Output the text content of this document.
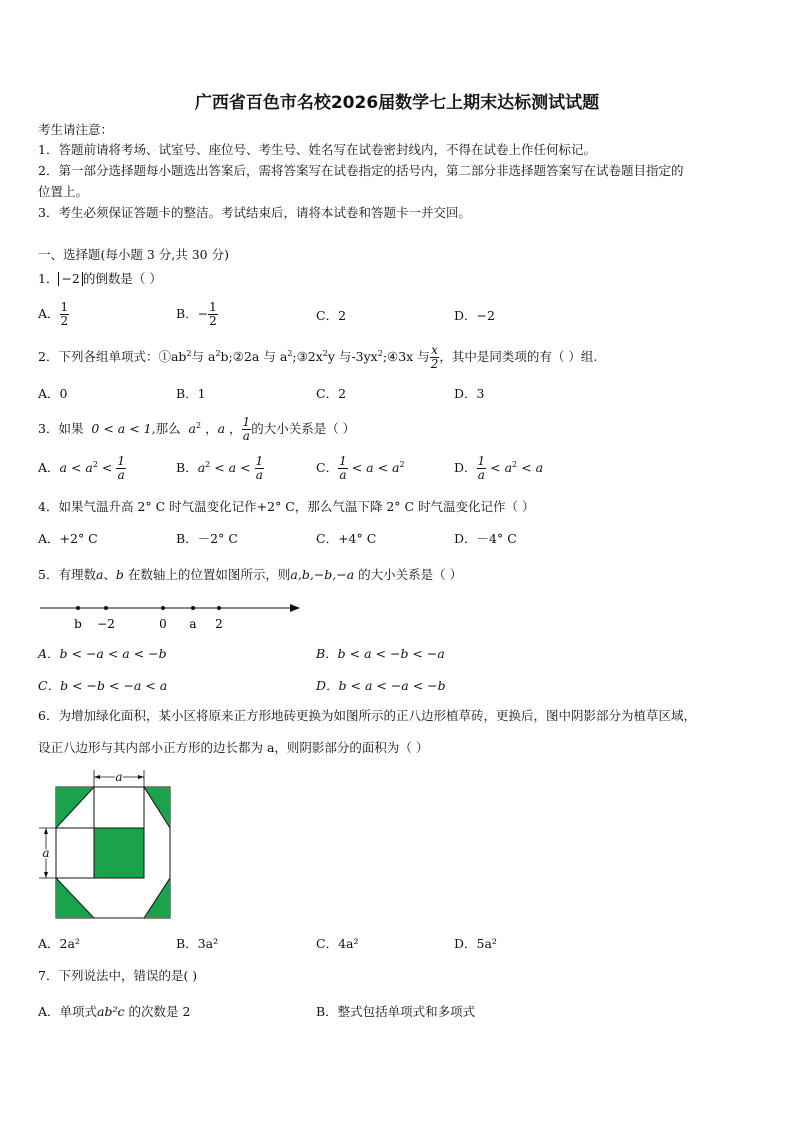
广西省百色市名校2026届数学七上期末达标测试试题
考生请注意：
1．答题前请将考场、试室号、座位号、考生号、姓名写在试卷密封线内，不得在试卷上作任何标记。
2．第一部分选择题每小题选出答案后，需将答案写在试卷指定的括号内，第二部分非选择题答案写在试卷题目指定的
位置上。
3．考生必须保证答题卡的整洁。考试结束后，请将本试卷和答题卡一并交回。
一、选择题(每小题 3 分,共 30 分)
1． −2 的倒数是（ ）
A． $\frac{1}{2}$	B．− $\frac{1}{2}$	C．2	D．−2
2．下列各组单项式：$①ab^2$与 $a^2b;②2a$ 与 $a^2;③2x^2y$ 与$-3yx^2;④3x$ 与 $\frac{x}{2}$ ，其中是同类项的有（ ）组.
A．0	B．1	C．2	D．3
3．如果 0 < a < 1,那么 $a^2$ ，a ， $\frac{1}{a}$ 的大小关系是（ ）
A．$a < a^2 < \frac{1}{a}$	B．$a^2 < a < \frac{1}{a}$	C． $\frac{1}{a} < a < a^2$	D． $\frac{1}{a} < a^2 < a$
4．如果气温升高 2° C 时气温变化记作+2° C，那么气温下降 2° C 时气温变化记作（ ）
A．+2° C	B．－2° C	C．+4° C	D．－4° C
5．有理数a、b 在数轴上的位置如图所示，则a,b,−b,−a 的大小关系是（ ）
b −2	0 a 2
A．b < −a < a < −b	B．b < a < −b < −a
C．b < −b < −a < a	D．b < a < −a < −b
6．为增加绿化面积，某小区将原来正方形地砖更换为如图所示的正八边形植草砖，更换后，图中阴影部分为植草区域，
设正八边形与其内部小正方形的边长都为 a，则阴影部分的面积为（ ）
a
a
A．2a²	B．3a²	C．4a²	D．5a²
7．下列说法中，错误的是( )
A．单项式ab²c 的次数是 2	B．整式包括单项式和多项式
